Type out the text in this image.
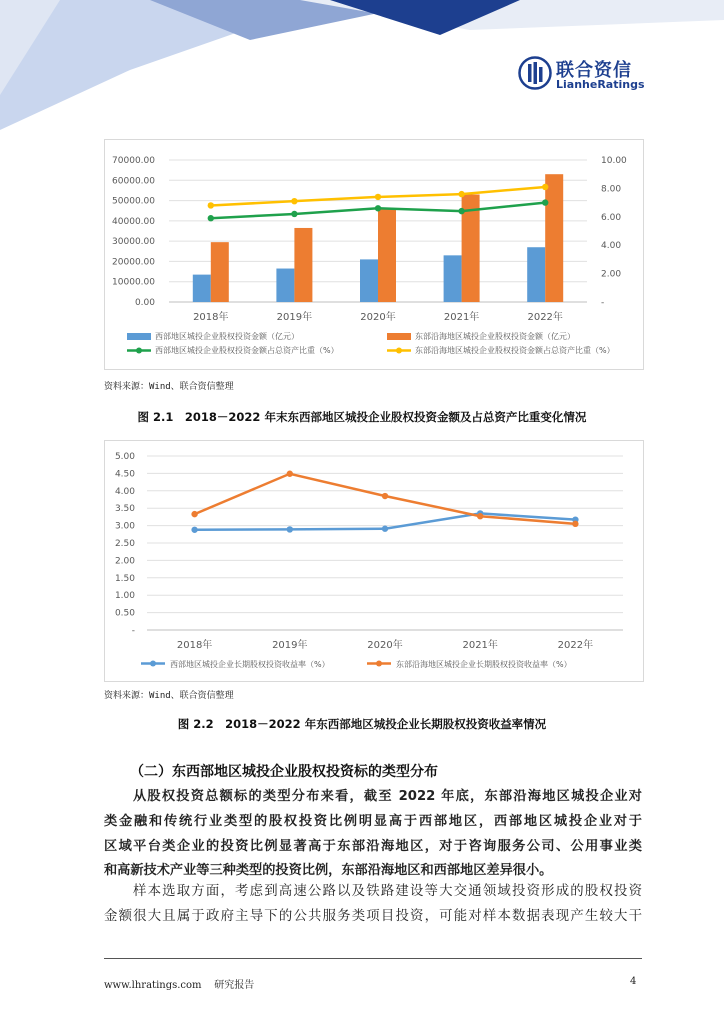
联合资信
LianheRatings
0.00
10000.00
20000.00
30000.00
40000.00
50000.00
60000.00
70000.00
-
2.00
4.00
6.00
8.00
10.00
2018年	2019年	2020年	2021年	2022年
西部地区城投企业股权投资金额（亿元）	东部沿海地区城投企业股权投资金额（亿元）
西部地区城投企业股权投资金额占总资产比重（%）	东部沿海地区城投企业股权投资金额占总资产比重（%）
资料来源：Wind、联合资信整理
图 2.1　2018－2022 年末东西部地区城投企业股权投资金额及占总资产比重变化情况
-
0.50
1.00
1.50
2.00
2.50
3.00
3.50
4.00
4.50
5.00
2018年	2019年	2020年	2021年	2022年
西部地区城投企业长期股权投资收益率（%）	东部沿海地区城投企业长期股权投资收益率（%）
资料来源：Wind、联合资信整理
图 2.2　2018－2022 年东西部地区城投企业长期股权投资收益率情况
（二）东西部地区城投企业股权投资标的类型分布
从股权投资总额标的类型分布来看，截至 2022 年底，东部沿海地区城投企业对
类金融和传统行业类型的股权投资比例明显高于西部地区，西部地区城投企业对于
区域平台类企业的投资比例显著高于东部沿海地区，对于咨询服务公司、公用事业类
和高新技术产业等三种类型的投资比例，东部沿海地区和西部地区差异很小。
样本选取方面，考虑到高速公路以及铁路建设等大交通领域投资形成的股权投资
金额很大且属于政府主导下的公共服务类项目投资，可能对样本数据表现产生较大干
www.lhratings.com 研究报告	4
